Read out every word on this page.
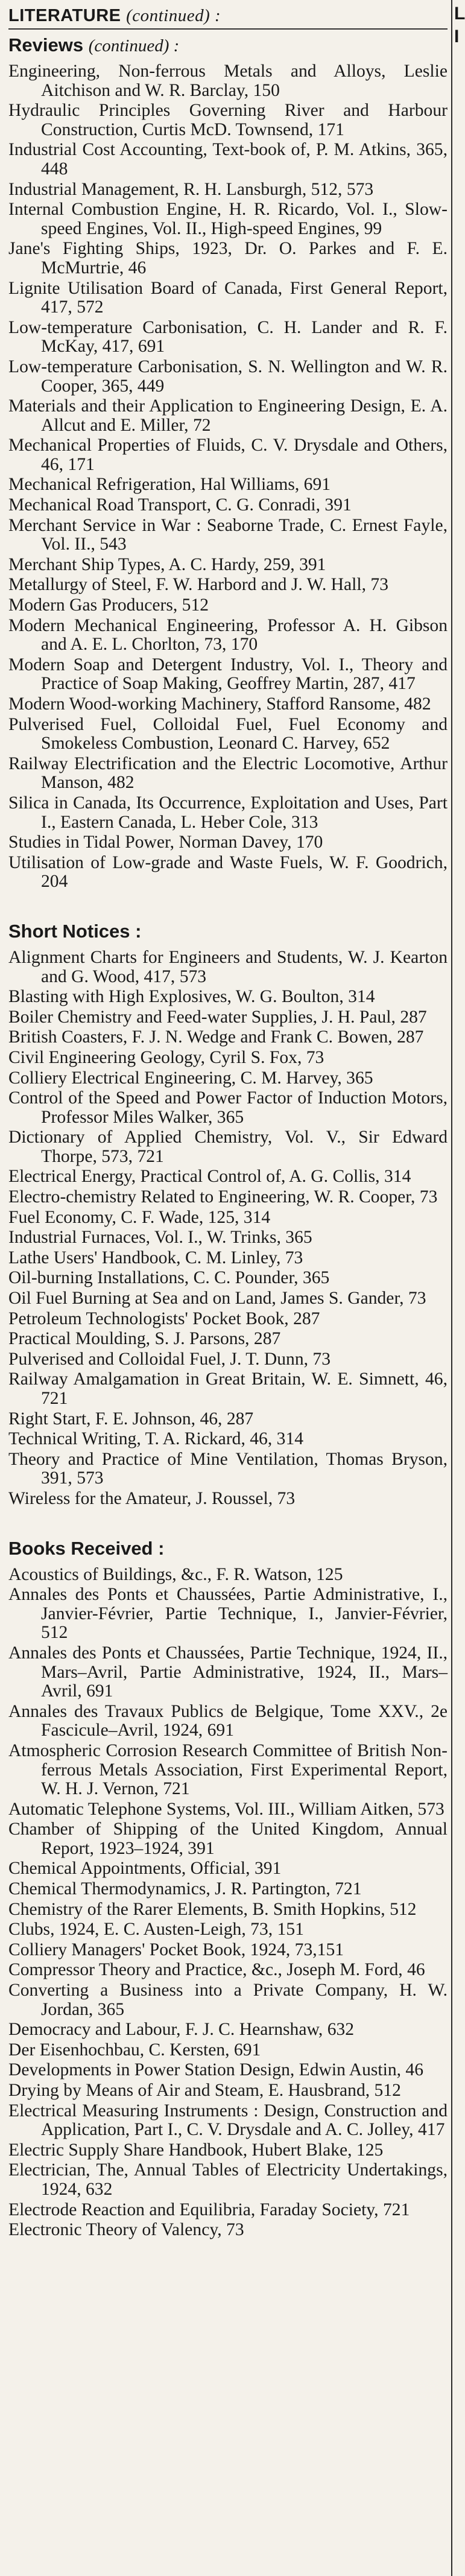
LITERATURE (continued) :
Reviews (continued) :
Engineering, Non-ferrous Metals and Alloys, Leslie Aitchison and W. R. Barclay, 150
Hydraulic Principles Governing River and Harbour Construction, Curtis McD. Townsend, 171
Industrial Cost Accounting, Text-book of, P. M. Atkins, 365, 448
Industrial Management, R. H. Lansburgh, 512, 573
Internal Combustion Engine, H. R. Ricardo, Vol. I., Slow-speed Engines, Vol. II., High-speed Engines, 99
Jane's Fighting Ships, 1923, Dr. O. Parkes and F. E. McMurtrie, 46
Lignite Utilisation Board of Canada, First General Report, 417, 572
Low-temperature Carbonisation, C. H. Lander and R. F. McKay, 417, 691
Low-temperature Carbonisation, S. N. Wellington and W. R. Cooper, 365, 449
Materials and their Application to Engineering Design, E. A. Allcut and E. Miller, 72
Mechanical Properties of Fluids, C. V. Drysdale and Others, 46, 171
Mechanical Refrigeration, Hal Williams, 691
Mechanical Road Transport, C. G. Conradi, 391
Merchant Service in War : Seaborne Trade, C. Ernest Fayle, Vol. II., 543
Merchant Ship Types, A. C. Hardy, 259, 391
Metallurgy of Steel, F. W. Harbord and J. W. Hall, 73
Modern Gas Producers, 512
Modern Mechanical Engineering, Professor A. H. Gibson and A. E. L. Chorlton, 73, 170
Modern Soap and Detergent Industry, Vol. I., Theory and Practice of Soap Making, Geoffrey Martin, 287, 417
Modern Wood-working Machinery, Stafford Ransome, 482
Pulverised Fuel, Colloidal Fuel, Fuel Economy and Smokeless Combustion, Leonard C. Harvey, 652
Railway Electrification and the Electric Locomotive, Arthur Manson, 482
Silica in Canada, Its Occurrence, Exploitation and Uses, Part I., Eastern Canada, L. Heber Cole, 313
Studies in Tidal Power, Norman Davey, 170
Utilisation of Low-grade and Waste Fuels, W. F. Goodrich, 204
Short Notices :
Alignment Charts for Engineers and Students, W. J. Kearton and G. Wood, 417, 573
Blasting with High Explosives, W. G. Boulton, 314
Boiler Chemistry and Feed-water Supplies, J. H. Paul, 287
British Coasters, F. J. N. Wedge and Frank C. Bowen, 287
Civil Engineering Geology, Cyril S. Fox, 73
Colliery Electrical Engineering, C. M. Harvey, 365
Control of the Speed and Power Factor of Induction Motors, Professor Miles Walker, 365
Dictionary of Applied Chemistry, Vol. V., Sir Edward Thorpe, 573, 721
Electrical Energy, Practical Control of, A. G. Collis, 314
Electro-chemistry Related to Engineering, W. R. Cooper, 73
Fuel Economy, C. F. Wade, 125, 314
Industrial Furnaces, Vol. I., W. Trinks, 365
Lathe Users' Handbook, C. M. Linley, 73
Oil-burning Installations, C. C. Pounder, 365
Oil Fuel Burning at Sea and on Land, James S. Gander, 73
Petroleum Technologists' Pocket Book, 287
Practical Moulding, S. J. Parsons, 287
Pulverised and Colloidal Fuel, J. T. Dunn, 73
Railway Amalgamation in Great Britain, W. E. Simnett, 46, 721
Right Start, F. E. Johnson, 46, 287
Technical Writing, T. A. Rickard, 46, 314
Theory and Practice of Mine Ventilation, Thomas Bryson, 391, 573
Wireless for the Amateur, J. Roussel, 73
Books Received :
Acoustics of Buildings, &c., F. R. Watson, 125
Annales des Ponts et Chaussées, Partie Administrative, I., Janvier-Février, Partie Technique, I., Janvier-Février, 512
Annales des Ponts et Chaussées, Partie Technique, 1924, II., Mars–Avril, Partie Administrative, 1924, II., Mars–Avril, 691
Annales des Travaux Publics de Belgique, Tome XXV., 2e Fascicule–Avril, 1924, 691
Atmospheric Corrosion Research Committee of British Non-ferrous Metals Association, First Experimental Report, W. H. J. Vernon, 721
Automatic Telephone Systems, Vol. III., William Aitken, 573
Chamber of Shipping of the United Kingdom, Annual Report, 1923–1924, 391
Chemical Appointments, Official, 391
Chemical Thermodynamics, J. R. Partington, 721
Chemistry of the Rarer Elements, B. Smith Hopkins, 512
Clubs, 1924, E. C. Austen-Leigh, 73, 151
Colliery Managers' Pocket Book, 1924, 73,151
Compressor Theory and Practice, &c., Joseph M. Ford, 46
Converting a Business into a Private Company, H. W. Jordan, 365
Democracy and Labour, F. J. C. Hearnshaw, 632
Der Eisenhochbau, C. Kersten, 691
Developments in Power Station Design, Edwin Austin, 46
Drying by Means of Air and Steam, E. Hausbrand, 512
Electrical Measuring Instruments : Design, Construction and Application, Part I., C. V. Drysdale and A. C. Jolley, 417
Electric Supply Share Handbook, Hubert Blake, 125
Electrician, The, Annual Tables of Electricity Undertakings, 1924, 632
Electrode Reaction and Equilibria, Faraday Society, 721
Electronic Theory of Valency, 73
L
I
